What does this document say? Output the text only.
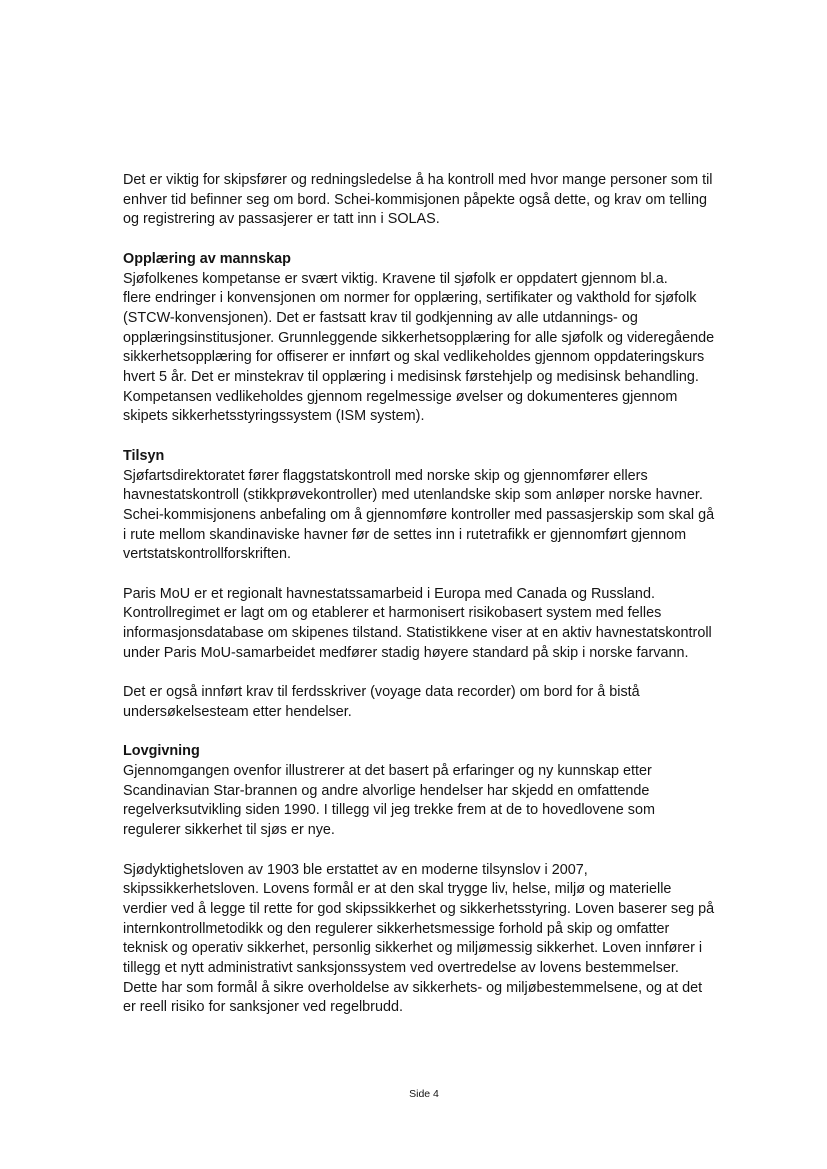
Det er viktig for skipsfører og redningsledelse å ha kontroll med hvor mange personer som til
enhver tid befinner seg om bord. Schei-kommisjonen påpekte også dette, og krav om telling
og registrering av passasjerer er tatt inn i SOLAS.

Opplæring av mannskap

Sjøfolkenes kompetanse er svært viktig. Kravene til sjøfolk er oppdatert gjennom bl.a.
flere endringer i konvensjonen om normer for opplæring, sertifikater og vakthold for sjøfolk
(STCW-konvensjonen). Det er fastsatt krav til godkjenning av alle utdannings- og
opplæringsinstitusjoner. Grunnleggende sikkerhetsopplæring for alle sjøfolk og videregående
sikkerhetsopplæring for offiserer er innført og skal vedlikeholdes gjennom oppdateringskurs
hvert 5 år. Det er minstekrav til opplæring i medisinsk førstehjelp og medisinsk behandling.
Kompetansen vedlikeholdes gjennom regelmessige øvelser og dokumenteres gjennom
skipets sikkerhetsstyringssystem (ISM system).

Tilsyn

Sjøfartsdirektoratet fører flaggstatskontroll med norske skip og gjennomfører ellers
havnestatskontroll (stikkprøvekontroller) med utenlandske skip som anløper norske havner.
Schei-kommisjonens anbefaling om å gjennomføre kontroller med passasjerskip som skal gå
i rute mellom skandinaviske havner før de settes inn i rutetrafikk er gjennomført gjennom
vertstatskontrollforskriften.

Paris MoU er et regionalt havnestatssamarbeid i Europa med Canada og Russland.
Kontrollregimet er lagt om og etablerer et harmonisert risikobasert system med felles
informasjonsdatabase om skipenes tilstand. Statistikkene viser at en aktiv havnestatskontroll
under Paris MoU-samarbeidet medfører stadig høyere standard på skip i norske farvann.

Det er også innført krav til ferdsskriver (voyage data recorder) om bord for å bistå
undersøkelsesteam etter hendelser.

Lovgivning

Gjennomgangen ovenfor illustrerer at det basert på erfaringer og ny kunnskap etter
Scandinavian Star-brannen og andre alvorlige hendelser har skjedd en omfattende
regelverksutvikling siden 1990. I tillegg vil jeg trekke frem at de to hovedlovene som
regulerer sikkerhet til sjøs er nye.

Sjødyktighetsloven av 1903 ble erstattet av en moderne tilsynslov i 2007,
skipssikkerhetsloven. Lovens formål er at den skal trygge liv, helse, miljø og materielle
verdier ved å legge til rette for god skipssikkerhet og sikkerhetsstyring. Loven baserer seg på
internkontrollmetodikk og den regulerer sikkerhetsmessige forhold på skip og omfatter
teknisk og operativ sikkerhet, personlig sikkerhet og miljømessig sikkerhet. Loven innfører i
tillegg et nytt administrativt sanksjonssystem ved overtredelse av lovens bestemmelser.
Dette har som formål å sikre overholdelse av sikkerhets- og miljøbestemmelsene, og at det
er reell risiko for sanksjoner ved regelbrudd.

Side 4
